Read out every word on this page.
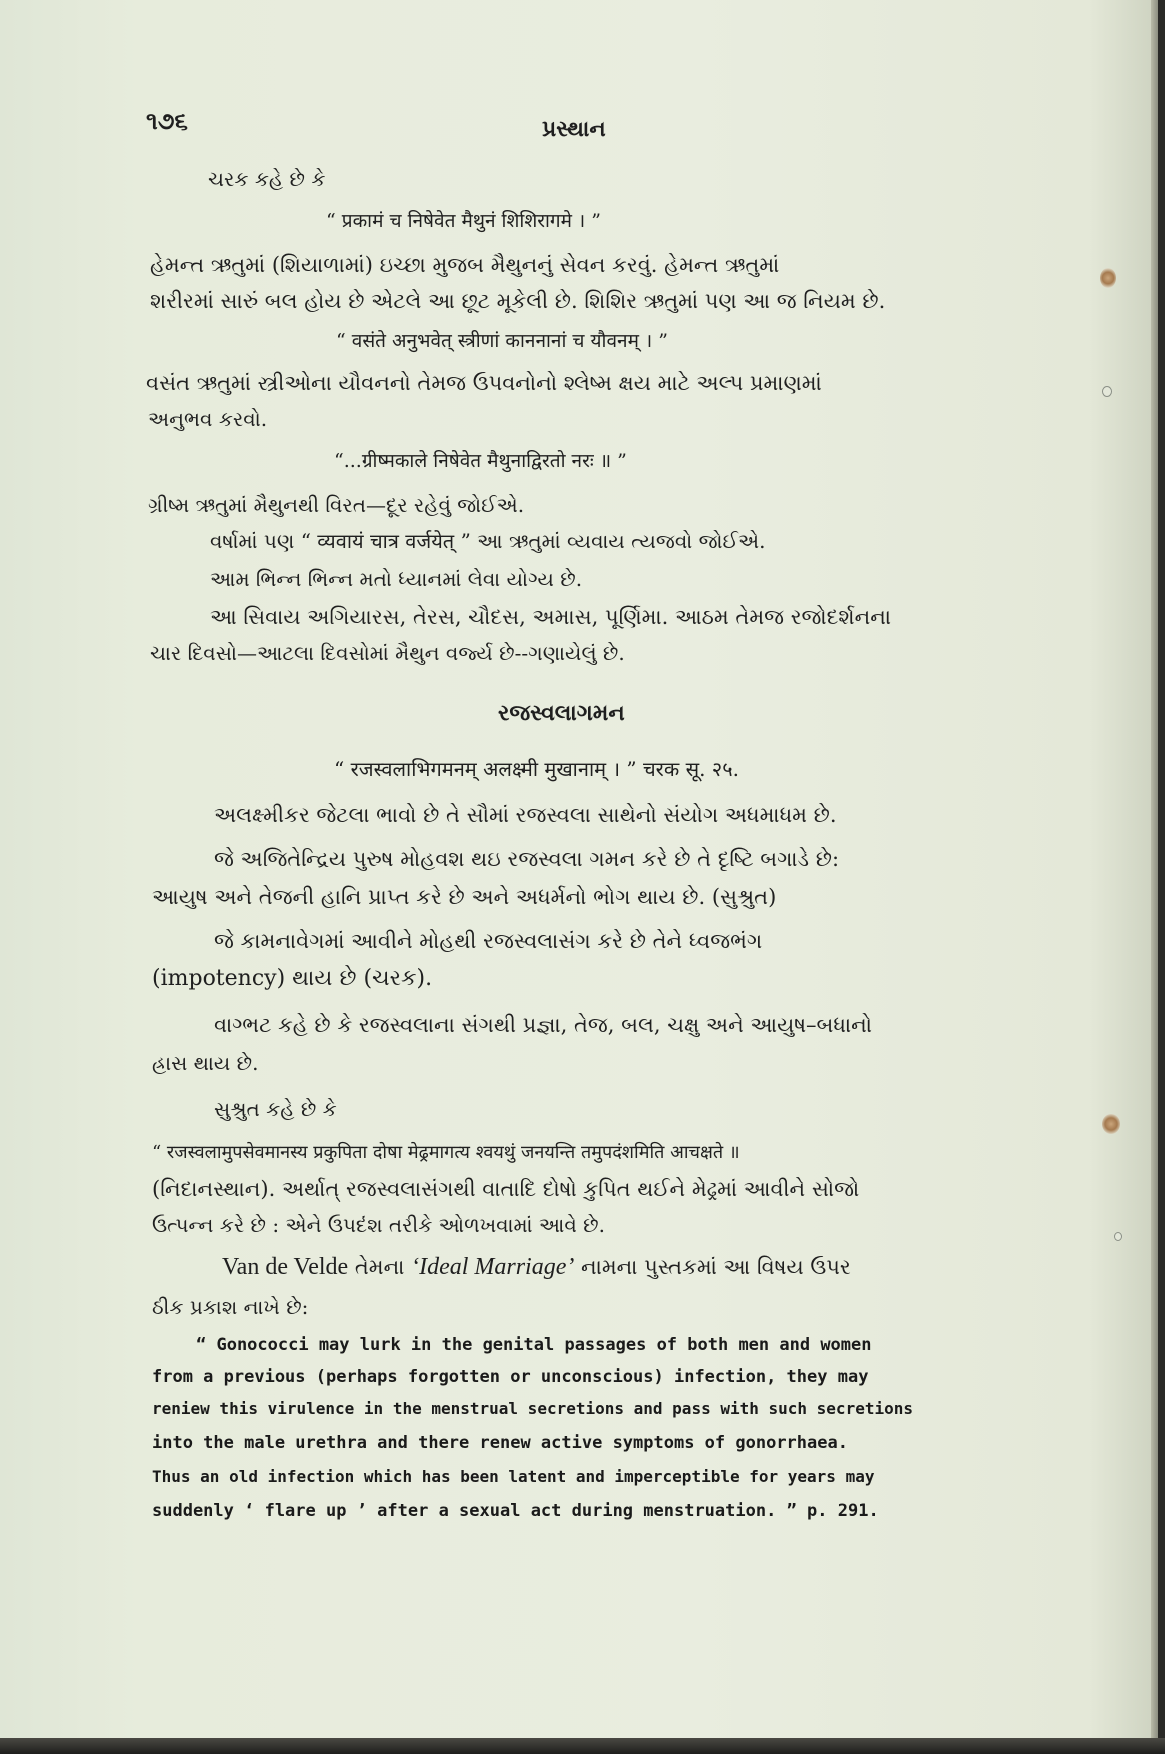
૧૭૬	પ્રસ્થાન

ચરક કહે છે કે

“ प्रकामं च निषेवेत मैथुनं शिशिरागमे । ”

હેમન્ત ઋતુમાં (શિયાળામાં) ઇચ્છા મુજબ મૈથુનનું સેવન કરવું. હેમન્ત ઋતુમાં

શરીરમાં સારું બલ હોય છે એટલે આ છૂટ મૂકેલી છે. શિશિર ઋતુમાં પણ આ જ નિયમ છે.

“ वसंते अनुभवेत् स्त्रीणां काननानां च यौवनम् । ”

વસંત ઋતુમાં સ્ત્રીઓના યૌવનનો તેમજ ઉપવનોનો શ્લેષ્મ ક્ષય માટે અલ્પ પ્રમાણમાં

અનુભવ કરવો.

“...ग्रीष्मकाले निषेवेत मैथुनाद्विरतो नरः ॥ ”

ગ્રીષ્મ ઋતુમાં મૈથુનથી વિરત—દૂર રહેવું જોઈએ.

વર્ષામાં પણ “ व्यवायं चात्र वर्जयेत् ” આ ઋતુમાં વ્યવાય ત્યજવો જોઈએ.

આમ ભિન્ન ભિન્ન મતો ધ્યાનમાં લેવા યોગ્ય છે.

આ સિવાય અગિયારસ, તેરસ, ચૌદસ, અમાસ, પૂર્ણિમા. આઠમ તેમજ રજોદર્શનના

ચાર દિવસો—આટલા દિવસોમાં મૈથુન વર્જ્ય છે--ગણાયેલું છે.

રજસ્વલાગમન

“ रजस्वलाभिगमनम् अलक्ष्मी मुखानाम् । ” चरक सू. २५.

અલક્ષ્મીકર જેટલા ભાવો છે તે સૌમાં રજસ્વલા સાથેનો સંયોગ અધમાધમ છે.

જે અજિતેન્દ્રિય પુરુષ મોહવશ થઇ રજસ્વલા ગમન કરે છે તે દૃષ્ટિ બગાડે છે:

આયુષ અને તેજની હાનિ પ્રાપ્ત કરે છે અને અધર્મનો ભોગ થાય છે. (સુશ્રુત)

જે કામનાવેગમાં આવીને મોહથી રજસ્વલાસંગ કરે છે તેને ધ્વજભંગ

(impotency) થાય છે (ચરક).

વાગ્ભટ કહે છે કે રજસ્વલાના સંગથી પ્રજ્ઞા, તેજ, બલ, ચક્ષુ અને આયુષ–બધાનો

હ્રાસ થાય છે.

સુશ્રુત કહે છે કે

“ रजस्वलामुपसेवमानस्य प्रकुपिता दोषा मेढ्रमागत्य श्वयथुं जनयन्ति तमुपदंशमिति आचक्षते ॥

(નિદાનસ્થાન). અર્થાત્ રજસ્વલાસંગથી વાતાદિ દોષો કુપિત થઈને મેઢ્રમાં આવીને સોજો

ઉત્પન્ન કરે છે : એને ઉપદંશ તરીકે ઓળખવામાં આવે છે.

Van de Velde તેમના ‘Ideal Marriage’ નામના પુસ્તકમાં આ વિષય ઉપર

ઠીક પ્રકાશ નાખે છે:

“ Gonococci may lurk in the genital passages of both men and women

from a previous (perhaps forgotten or unconscious) infection, they may

reniew this virulence in the menstrual secretions and pass with such secretions

into the male urethra and there renew active symptoms of gonorrhaea.

Thus an old infection which has been latent and imperceptible for years may

suddenly ‘ flare up ’ after a sexual act during menstruation. ” p. 291.
